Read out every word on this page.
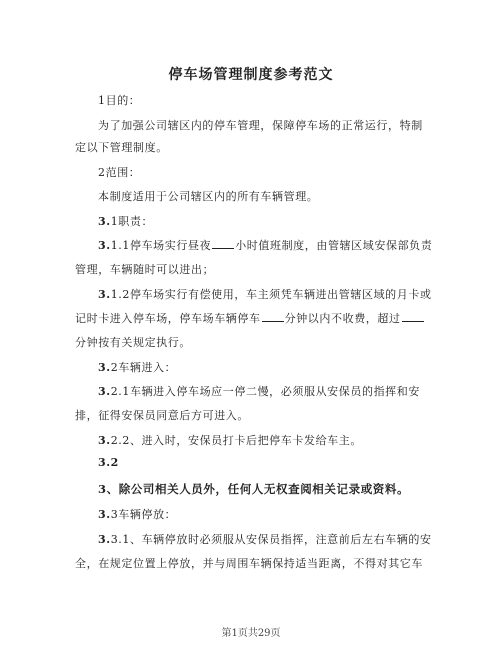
停车场管理制度参考范文
1目的：
为了加强公司辖区内的停车管理，保障停车场的正常运行，特制
定以下管理制度。
2范围：
本制度适用于公司辖区内的所有车辆管理。
3.1职责：
3.1.1停车场实行昼夜 小时值班制度，由管辖区域安保部负责
管理，车辆随时可以进出；
3.1.2停车场实行有偿使用，车主须凭车辆进出管辖区域的月卡或
记时卡进入停车场，停车场车辆停车 分钟以内不收费，超过
分钟按有关规定执行。
3.2车辆进入：
3.2.1车辆进入停车场应一停二慢，必须服从安保员的指挥和安
排，征得安保员同意后方可进入。
3.2.2、进入时，安保员打卡后把停车卡发给车主。
3.2
3、除公司相关人员外，任何人无权查阅相关记录或资料。
3.3车辆停放：
3.3.1、车辆停放时必须服从安保员指挥，注意前后左右车辆的安
全，在规定位置上停放，并与周围车辆保持适当距离，不得对其它车
第1页共29页
